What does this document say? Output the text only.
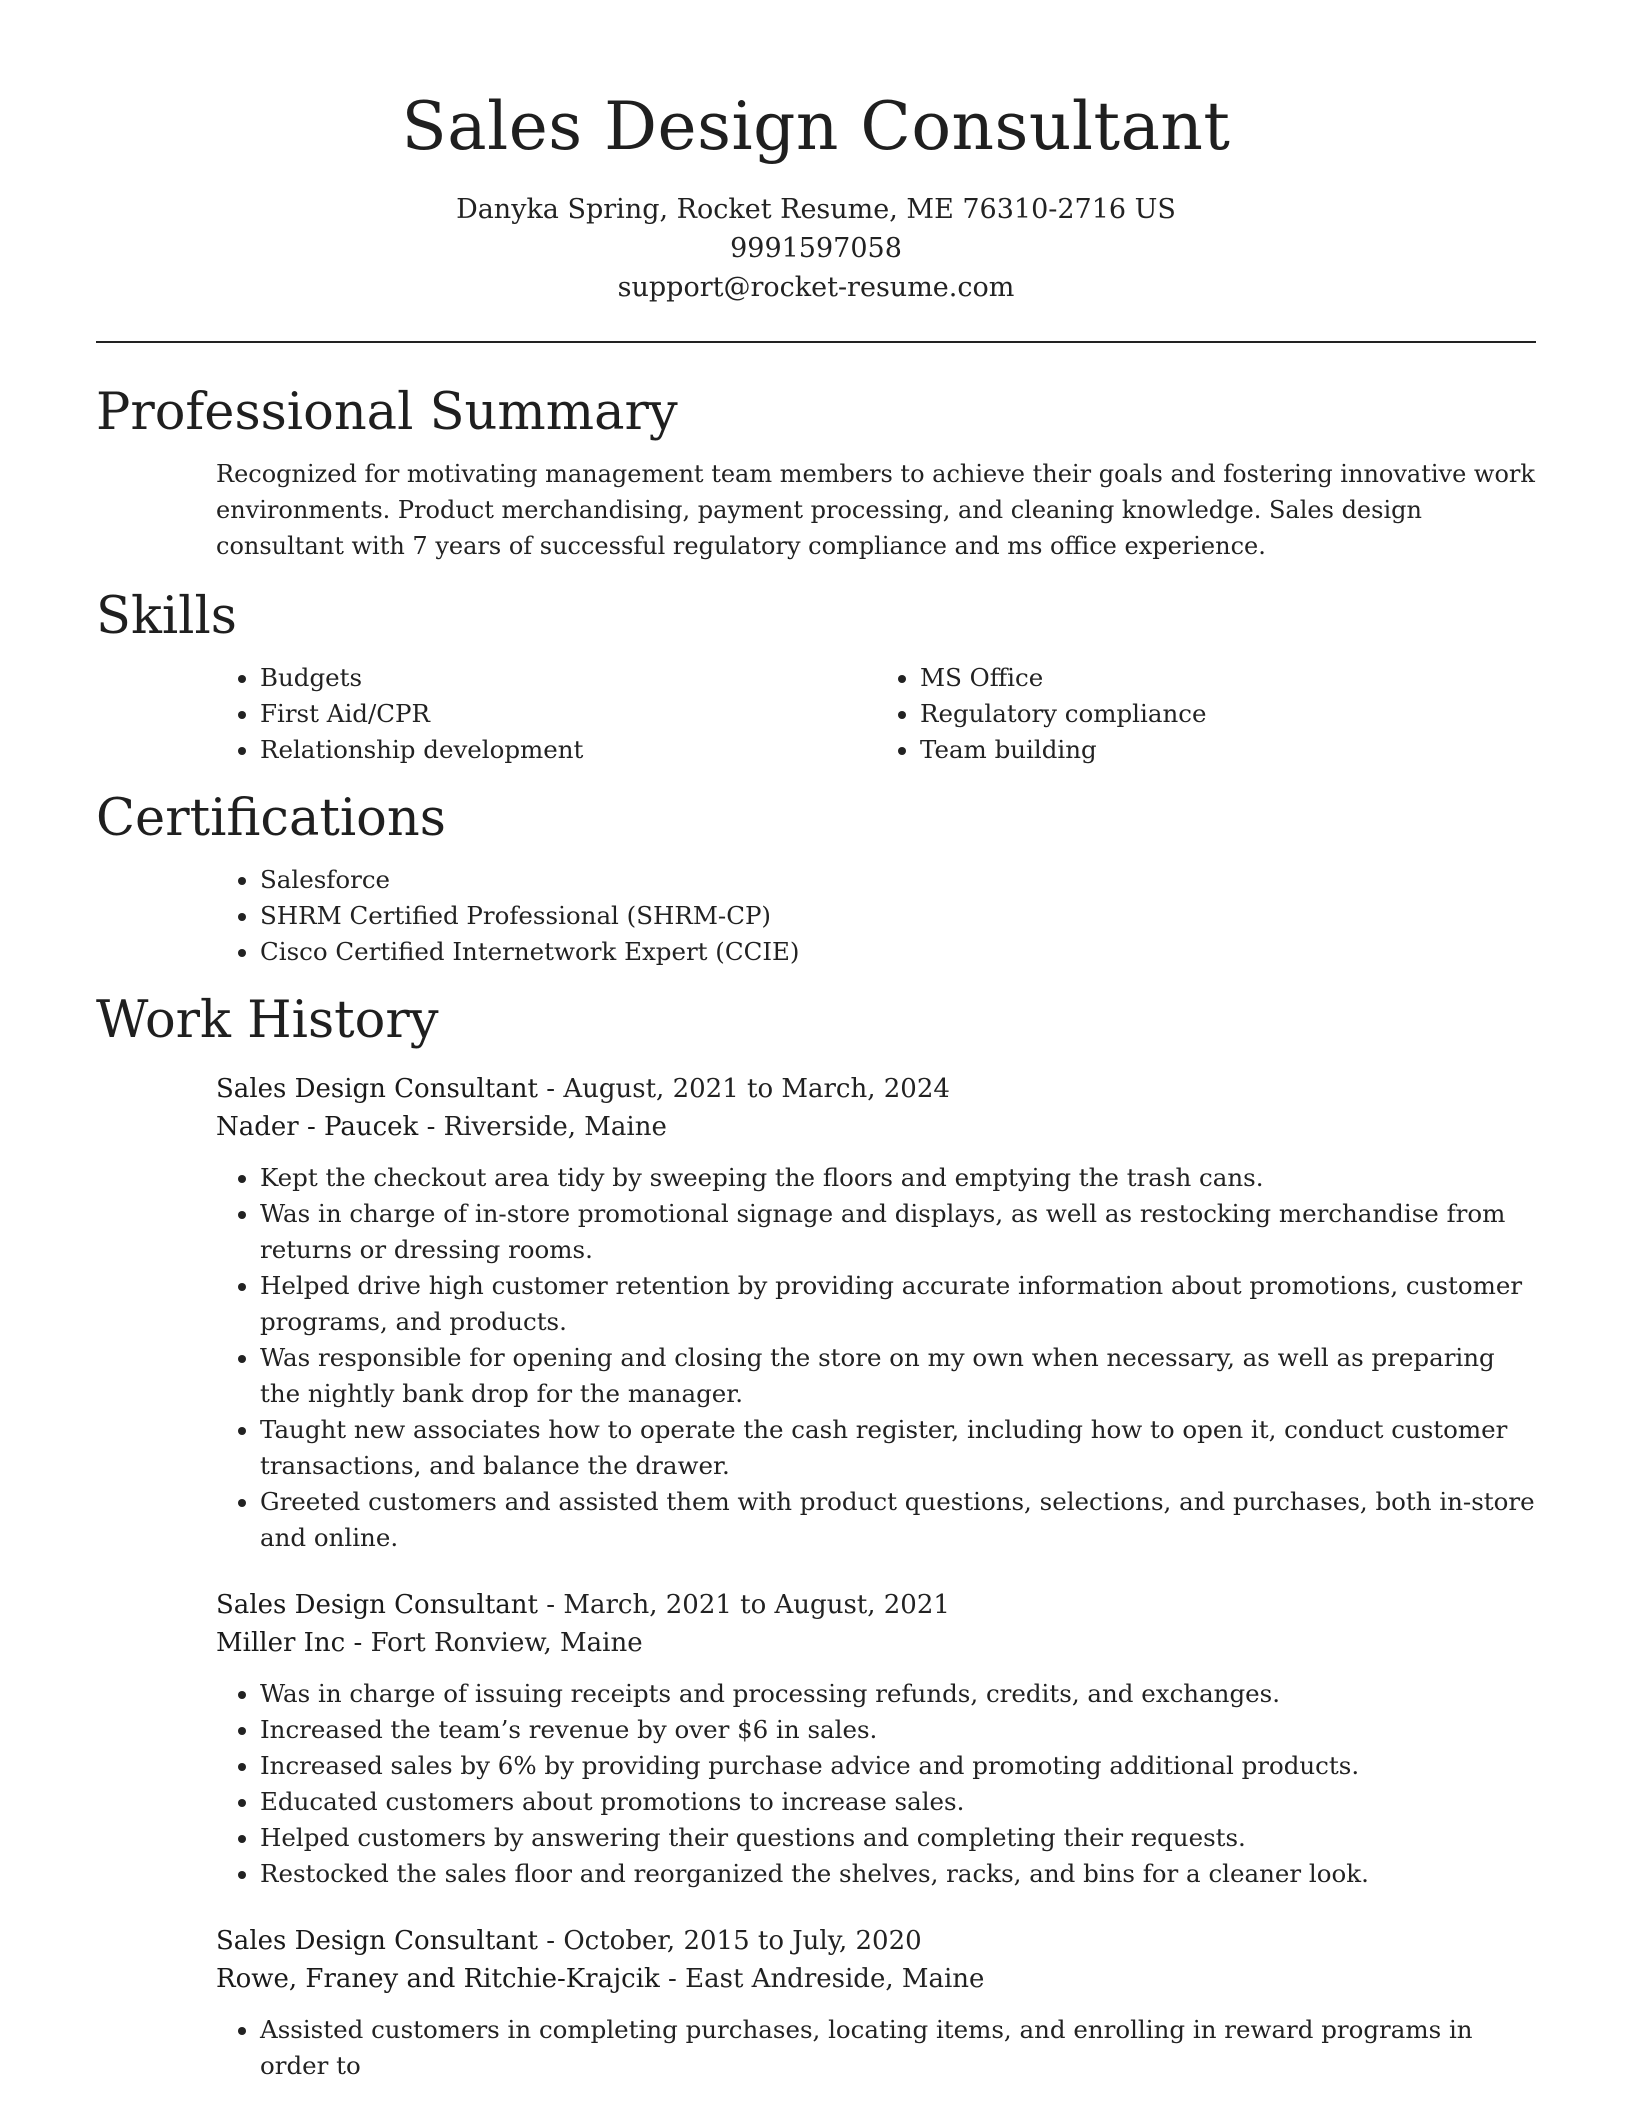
Sales Design Consultant
Danyka Spring, Rocket Resume, ME 76310-2716 US
9991597058
support@rocket-resume.com
Professional Summary

Recognized for motivating management team members to achieve their goals and fostering innovative work environments. Product merchandising, payment processing, and cleaning knowledge. Sales design consultant with 7 years of successful regulatory compliance and ms office experience.

Skills
• Budgets
• First Aid/CPR
• Relationship development
• MS Office
• Regulatory compliance
• Team building
Certifications
• Salesforce
• SHRM Certified Professional (SHRM-CP)
• Cisco Certified Internetwork Expert (CCIE)
Work History
Sales Design Consultant - August, 2021 to March, 2024
Nader - Paucek - Riverside, Maine
• Kept the checkout area tidy by sweeping the floors and emptying the trash cans.
• Was in charge of in-store promotional signage and displays, as well as restocking merchandise from returns or dressing rooms.
• Helped drive high customer retention by providing accurate information about promotions, customer programs, and products.
• Was responsible for opening and closing the store on my own when necessary, as well as preparing the nightly bank drop for the manager.
• Taught new associates how to operate the cash register, including how to open it, conduct customer transactions, and balance the drawer.
• Greeted customers and assisted them with product questions, selections, and purchases, both in-store and online.
Sales Design Consultant - March, 2021 to August, 2021
Miller Inc - Fort Ronview, Maine
• Was in charge of issuing receipts and processing refunds, credits, and exchanges.
• Increased the team’s revenue by over $6 in sales.
• Increased sales by 6% by providing purchase advice and promoting additional products.
• Educated customers about promotions to increase sales.
• Helped customers by answering their questions and completing their requests.
• Restocked the sales floor and reorganized the shelves, racks, and bins for a cleaner look.
Sales Design Consultant - October, 2015 to July, 2020
Rowe, Franey and Ritchie-Krajcik - East Andreside, Maine
• Assisted customers in completing purchases, locating items, and enrolling in reward programs in order to
